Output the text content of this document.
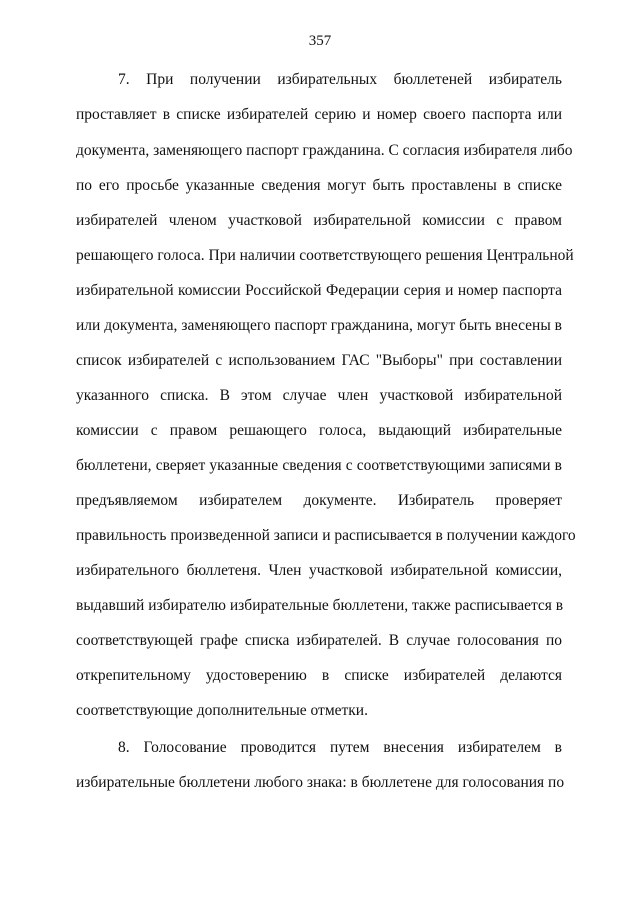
357
7. При получении избирательных бюллетеней избиратель
проставляет в списке избирателей серию и номер своего паспорта или
документа, заменяющего паспорт гражданина. С согласия избирателя либо
по его просьбе указанные сведения могут быть проставлены в списке
избирателей членом участковой избирательной комиссии с правом
решающего голоса. При наличии соответствующего решения Центральной
избирательной комиссии Российской Федерации серия и номер паспорта
или документа, заменяющего паспорт гражданина, могут быть внесены в
список избирателей с использованием ГАС "Выборы" при составлении
указанного списка. В этом случае член участковой избирательной
комиссии с правом решающего голоса, выдающий избирательные
бюллетени, сверяет указанные сведения с соответствующими записями в
предъявляемом избирателем документе. Избиратель проверяет
правильность произведенной записи и расписывается в получении каждого
избирательного бюллетеня. Член участковой избирательной комиссии,
выдавший избирателю избирательные бюллетени, также расписывается в
соответствующей графе списка избирателей. В случае голосования по
открепительному удостоверению в списке избирателей делаются
соответствующие дополнительные отметки.
8. Голосование проводится путем внесения избирателем в
избирательные бюллетени любого знака: в бюллетене для голосования по
